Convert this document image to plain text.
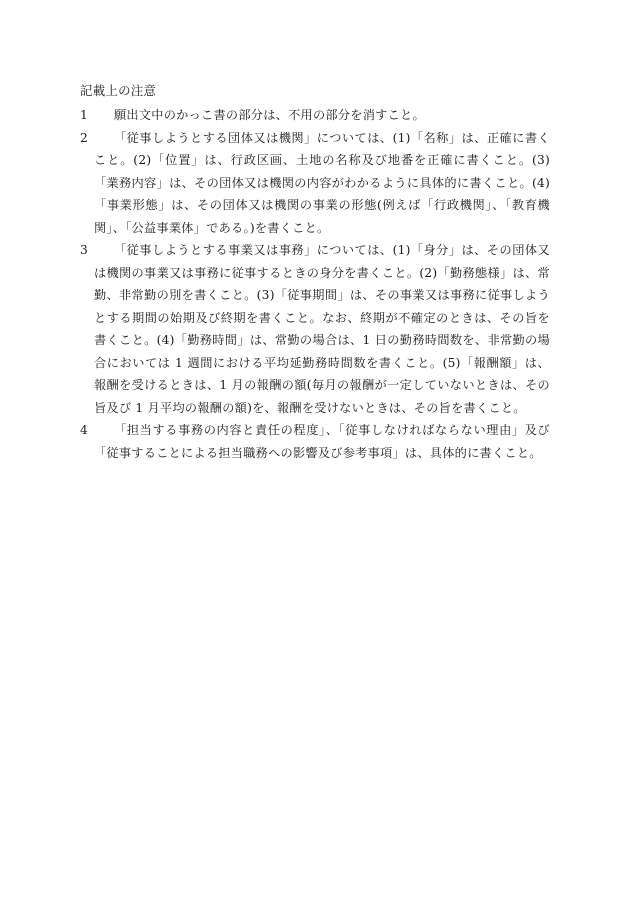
記載上の注意
1	願出文中のかっこ書の部分は、不用の部分を消すこと。
2	「従事しようとする団体又は機関」については、(1)「名称」は、正確に書くこと。(2)「位置」は、行政区画、土地の名称及び地番を正確に書くこと。(3)「業務内容」は、その団体又は機関の内容がわかるように具体的に書くこと。(4)「事業形態」は、その団体又は機関の事業の形態(例えば「行政機関」、「教育機関」、「公益事業体」である。)を書くこと。
3	「従事しようとする事業又は事務」については、(1)「身分」は、その団体又は機関の事業又は事務に従事するときの身分を書くこと。(2)「勤務態様」は、常勤、非常勤の別を書くこと。(3)「従事期間」は、その事業又は事務に従事しようとする期間の始期及び終期を書くこと。なお、終期が不確定のときは、その旨を書くこと。(4)「勤務時間」は、常勤の場合は、1 日の勤務時間数を、非常勤の場合においては 1 週間における平均延勤務時間数を書くこと。(5)「報酬額」は、報酬を受けるときは、1 月の報酬の額(毎月の報酬が一定していないときは、その旨及び 1 月平均の報酬の額)を、報酬を受けないときは、その旨を書くこと。
4	「担当する事務の内容と責任の程度」、「従事しなければならない理由」及び「従事することによる担当職務への影響及び参考事項」は、具体的に書くこと。
